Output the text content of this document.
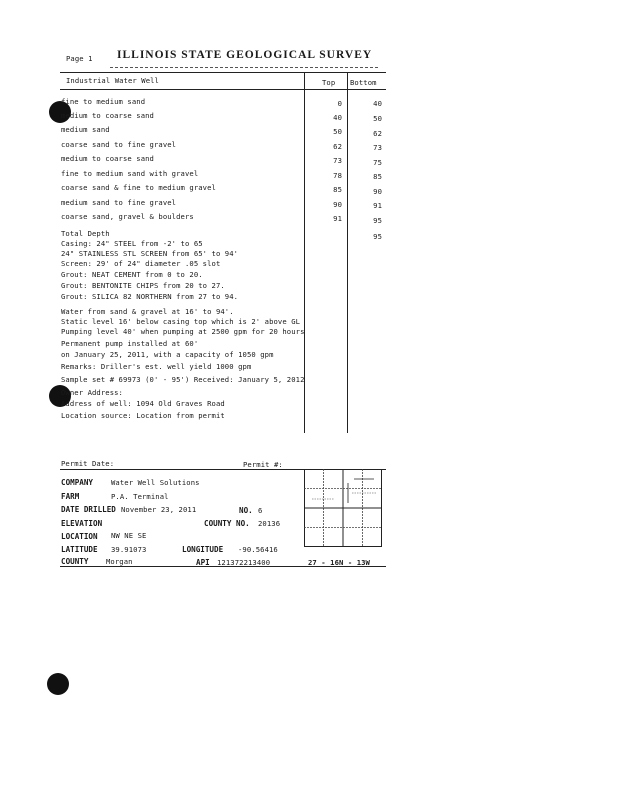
Page 1 ILLINOIS STATE GEOLOGICAL SURVEY
Industrial Water Well	Top Bottom
fine to medium sand	0	40
medium to coarse sand	40	50
medium sand	50	62
coarse sand to fine gravel	62	73
medium to coarse sand	73	75
fine to medium sand with gravel	78	85
coarse sand & fine to medium gravel	85	90
medium sand to fine gravel	90	91
coarse sand, gravel & boulders	91	95
Total Depth	95
Casing: 24" STEEL from -2' to 65
24" STAINLESS STL SCREEN from 65' to 94'
Screen: 29' of 24" diameter .05 slot
Grout: NEAT CEMENT from 0 to 20.
Grout: BENTONITE CHIPS from 20 to 27.
Grout: SILICA 82 NORTHERN from 27 to 94.
Water from sand & gravel at 16' to 94'.
Static level 16' below casing top which is 2' above GL
Pumping level 40' when pumping at 2500 gpm for 20 hours
Permanent pump installed at 60'
on January 25, 2011, with a capacity of 1050 gpm
Remarks: Driller's est. well yield 1000 gpm
Sample set # 69973 (0' - 95') Received: January 5, 2012
Owner Address:
Address of well: 1094 Old Graves Road
Location source: Location from permit
Permit Date:	Permit #:
COMPANY Water Well Solutions
FARM	P.A. Terminal
DATE DRILLED November 23, 2011	NO. 6
ELEVATION	COUNTY NO. 20136
LOCATION NW NE SE
LATITUDE 39.91073	LONGITUDE -90.56416
COUNTY Morgan	API 121372213400	27 - 16N - 13W
